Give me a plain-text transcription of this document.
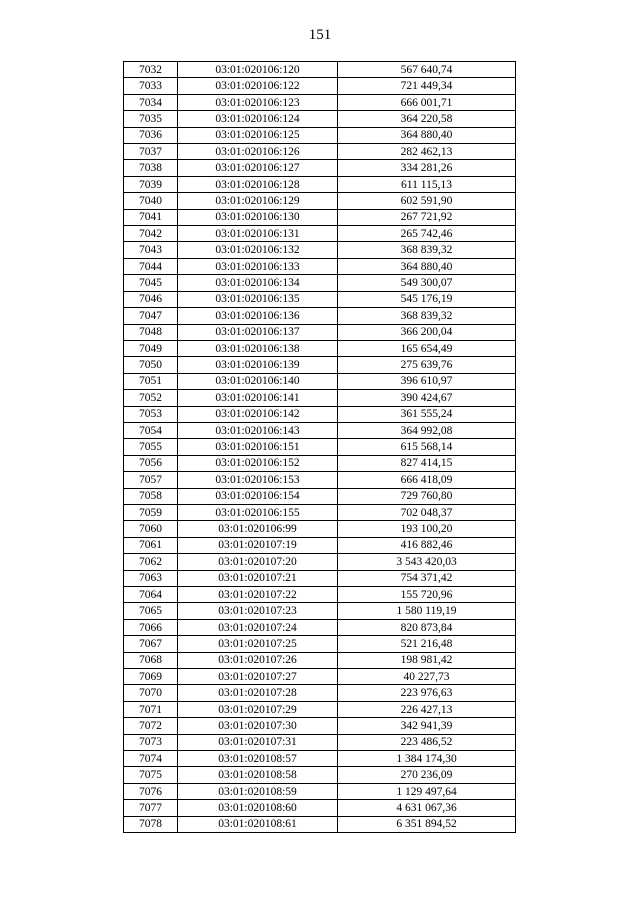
151
7032	03:01:020106:120	567 640,74
7033	03:01:020106:122	721 449,34
7034	03:01:020106:123	666 001,71
7035	03:01:020106:124	364 220,58
7036	03:01:020106:125	364 880,40
7037	03:01:020106:126	282 462,13
7038	03:01:020106:127	334 281,26
7039	03:01:020106:128	611 115,13
7040	03:01:020106:129	602 591,90
7041	03:01:020106:130	267 721,92
7042	03:01:020106:131	265 742,46
7043	03:01:020106:132	368 839,32
7044	03:01:020106:133	364 880,40
7045	03:01:020106:134	549 300,07
7046	03:01:020106:135	545 176,19
7047	03:01:020106:136	368 839,32
7048	03:01:020106:137	366 200,04
7049	03:01:020106:138	165 654,49
7050	03:01:020106:139	275 639,76
7051	03:01:020106:140	396 610,97
7052	03:01:020106:141	390 424,67
7053	03:01:020106:142	361 555,24
7054	03:01:020106:143	364 992,08
7055	03:01:020106:151	615 568,14
7056	03:01:020106:152	827 414,15
7057	03:01:020106:153	666 418,09
7058	03:01:020106:154	729 760,80
7059	03:01:020106:155	702 048,37
7060	03:01:020106:99	193 100,20
7061	03:01:020107:19	416 882,46
7062	03:01:020107:20	3 543 420,03
7063	03:01:020107:21	754 371,42
7064	03:01:020107:22	155 720,96
7065	03:01:020107:23	1 580 119,19
7066	03:01:020107:24	820 873,84
7067	03:01:020107:25	521 216,48
7068	03:01:020107:26	198 981,42
7069	03:01:020107:27	40 227,73
7070	03:01:020107:28	223 976,63
7071	03:01:020107:29	226 427,13
7072	03:01:020107:30	342 941,39
7073	03:01:020107:31	223 486,52
7074	03:01:020108:57	1 384 174,30
7075	03:01:020108:58	270 236,09
7076	03:01:020108:59	1 129 497,64
7077	03:01:020108:60	4 631 067,36
7078	03:01:020108:61	6 351 894,52
